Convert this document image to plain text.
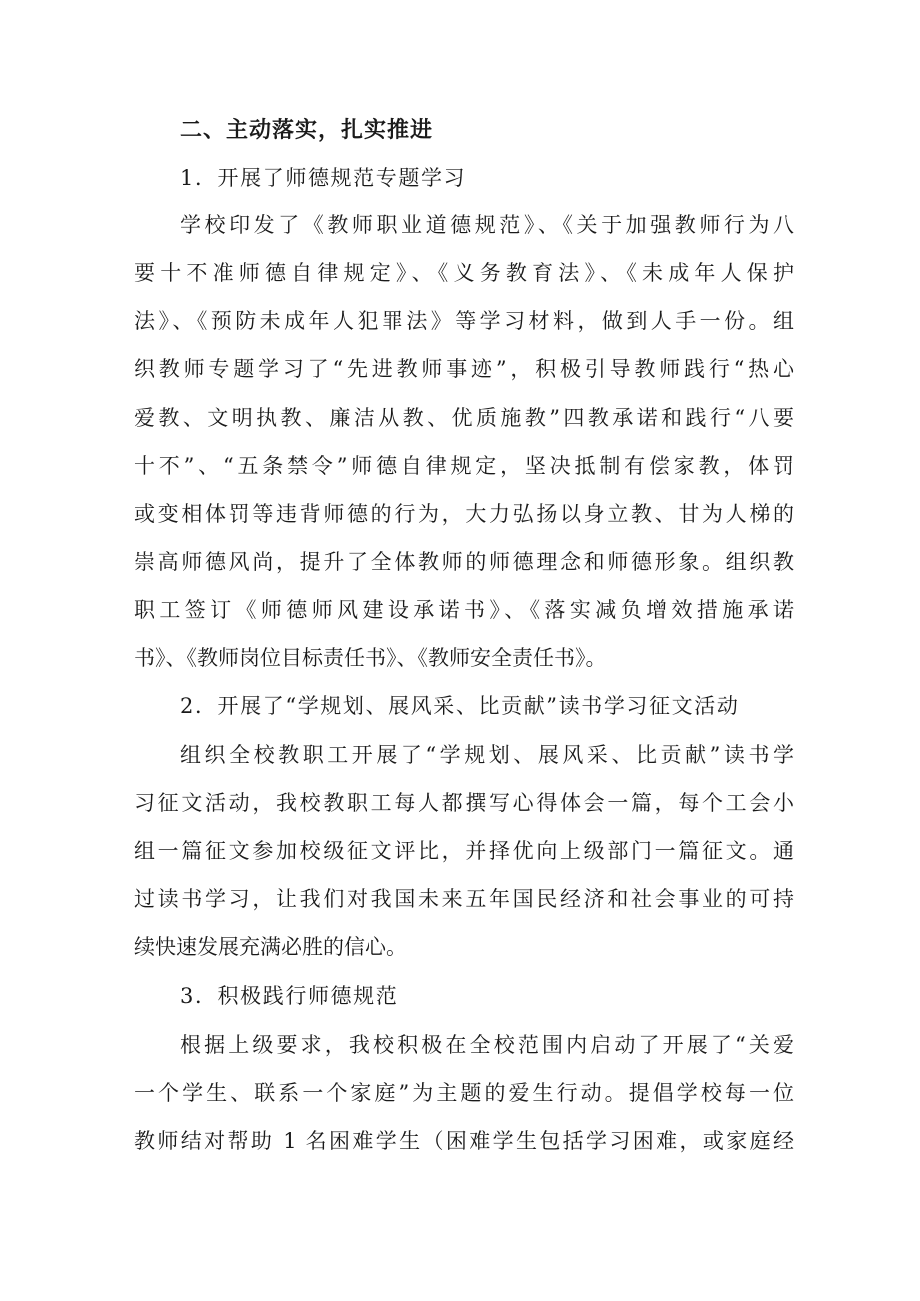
二、主动落实，扎实推进

1．开展了师德规范专题学习

学校印发了《教师职业道德规范》、《关于加强教师行为八

要十不准师德自律规定》、《义务教育法》、《未成年人保护

法》、《预防未成年人犯罪法》等学习材料，做到人手一份。组

织教师专题学习了“先进教师事迹”，积极引导教师践行“热心

爱教、文明执教、廉洁从教、优质施教”四教承诺和践行“八要

十不”、“五条禁令”师德自律规定，坚决抵制有偿家教，体罚

或变相体罚等违背师德的行为，大力弘扬以身立教、甘为人梯的

崇高师德风尚，提升了全体教师的师德理念和师德形象。组织教

职工签订《师德师风建设承诺书》、《落实减负增效措施承诺

书》、《教师岗位目标责任书》、《教师安全责任书》。

2．开展了“学规划、展风采、比贡献”读书学习征文活动

组织全校教职工开展了“学规划、展风采、比贡献”读书学

习征文活动，我校教职工每人都撰写心得体会一篇，每个工会小

组一篇征文参加校级征文评比，并择优向上级部门一篇征文。通

过读书学习，让我们对我国未来五年国民经济和社会事业的可持

续快速发展充满必胜的信心。

3．积极践行师德规范

根据上级要求，我校积极在全校范围内启动了开展了“关爱

一个学生、联系一个家庭”为主题的爱生行动。提倡学校每一位

教师结对帮助 1 名困难学生（困难学生包括学习困难，或家庭经
